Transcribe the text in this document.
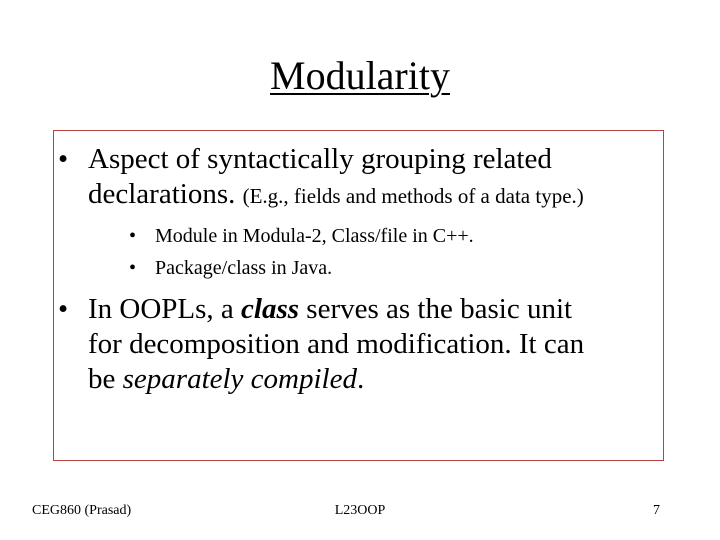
Modularity
• Aspect of syntactically grouping related
declarations. (E.g., fields and methods of a data type.)
• Module in Modula-2, Class/file in C++.
• Package/class in Java.
• In OOPLs, a class serves as the basic unit
for decomposition and modification. It can
be separately compiled.
CEG860 (Prasad)	L23OOP	7
